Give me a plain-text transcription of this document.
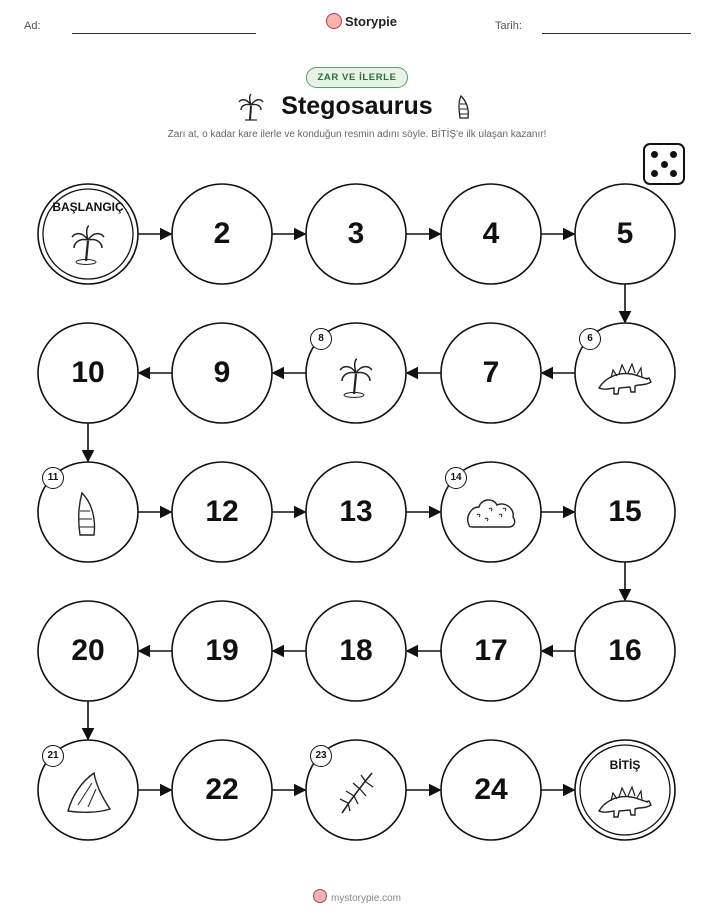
Ad:	Storypie	Tarih:
ZAR VE İLERLE
Stegosaurus
Zarı at, o kadar kare ilerle ve konduğun resmin adını söyle. BİTİŞ'e ilk ulaşan kazanır!
BAŞLANGIÇ
2	3	4	5
6
7
8
9
10
11
12	13
14
15
16
17
18
19
20
21
22
23
24
BİTİŞ
mystorypie.com
